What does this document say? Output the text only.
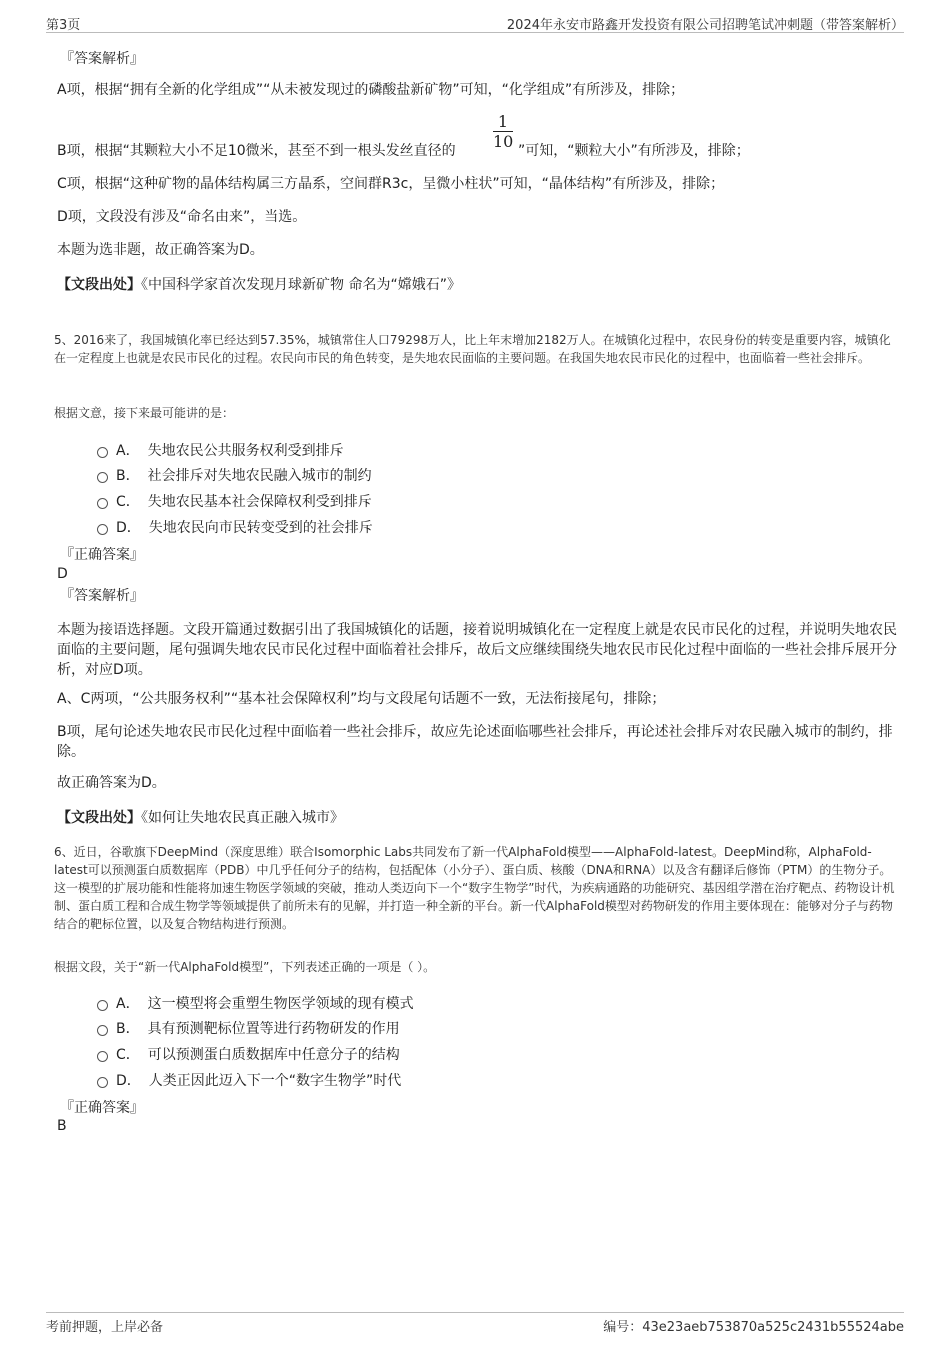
第3页	2024年永安市路鑫开发投资有限公司招聘笔试冲刺题（带答案解析）
『答案解析』
A项，根据“拥有全新的化学组成”“从未被发现过的磷酸盐新矿物”可知，“化学组成”有所涉及，排除；
B项，根据“其颗粒大小不足10微米，甚至不到一根头发丝直径的 $\frac{1}{10}$ ”可知，“颗粒大小”有所涉及，排除；
C项，根据“这种矿物的晶体结构属三方晶系，空间群R3c，呈微小柱状”可知，“晶体结构”有所涉及，排除；
D项，文段没有涉及“命名由来”，当选。
本题为选非题，故正确答案为D。
【文段出处】《中国科学家首次发现月球新矿物 命名为“嫦娥石”》
5、2016来了，我国城镇化率已经达到57.35%，城镇常住人口79298万人，比上年末增加2182万人。在城镇化过程中，农民身份的转变是重要内容，城镇化在一定程度上也就是农民市民化的过程。农民向市民的角色转变，是失地农民面临的主要问题。在我国失地农民市民化的过程中，也面临着一些社会排斥。
根据文意，接下来最可能讲的是：
A． 失地农民公共服务权利受到排斥
B． 社会排斥对失地农民融入城市的制约
C． 失地农民基本社会保障权利受到排斥
D． 失地农民向市民转变受到的社会排斥
『正确答案』
D
『答案解析』
本题为接语选择题。文段开篇通过数据引出了我国城镇化的话题，接着说明城镇化在一定程度上就是农民市民化的过程，并说明失地农民面临的主要问题，尾句强调失地农民市民化过程中面临着社会排斥，故后文应继续围绕失地农民市民化过程中面临的一些社会排斥展开分析，对应D项。
A、C两项，“公共服务权利”“基本社会保障权利”均与文段尾句话题不一致，无法衔接尾句，排除；
B项，尾句论述失地农民市民化过程中面临着一些社会排斥，故应先论述面临哪些社会排斥，再论述社会排斥对农民融入城市的制约，排除。
故正确答案为D。
【文段出处】《如何让失地农民真正融入城市》
6、近日，谷歌旗下DeepMind（深度思维）联合Isomorphic Labs共同发布了新一代AlphaFold模型——AlphaFold-latest。DeepMind称，AlphaFold-latest可以预测蛋白质数据库（PDB）中几乎任何分子的结构，包括配体（小分子）、蛋白质、核酸（DNA和RNA）以及含有翻译后修饰（PTM）的生物分子。这一模型的扩展功能和性能将加速生物医学领域的突破，推动人类迈向下一个“数字生物学”时代，为疾病通路的功能研究、基因组学潜在治疗靶点、药物设计机制、蛋白质工程和合成生物学等领域提供了前所未有的见解，并打造一种全新的平台。新一代AlphaFold模型对药物研发的作用主要体现在：能够对分子与药物结合的靶标位置，以及复合物结构进行预测。
根据文段，关于“新一代AlphaFold模型”，下列表述正确的一项是（ ）。
A． 这一模型将会重塑生物医学领域的现有模式
B． 具有预测靶标位置等进行药物研发的作用
C． 可以预测蛋白质数据库中任意分子的结构
D． 人类正因此迈入下一个“数字生物学”时代
『正确答案』
B
考前押题，上岸必备	编号：43e23aeb753870a525c2431b55524abe
